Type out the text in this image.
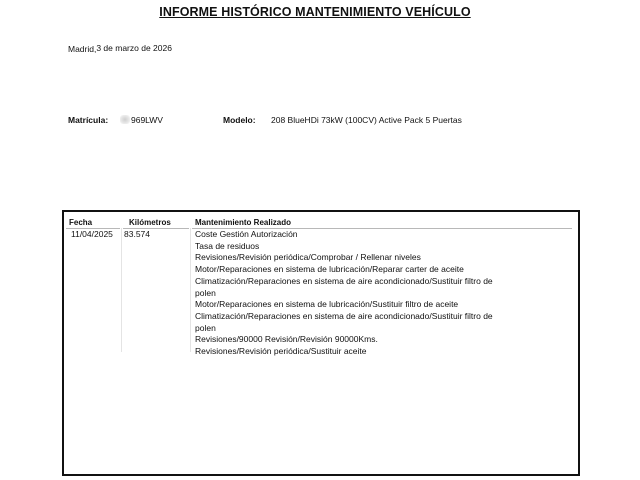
INFORME HISTÓRICO MANTENIMIENTO VEHÍCULO
Madrid,3 de marzo de 2026
Matrícula:	969LWV	Modelo: 208 BlueHDi 73kW (100CV) Active Pack 5 Puertas
Fecha	Kilómetros	Mantenimiento Realizado
11/04/2025 83.574	Coste Gestión Autorización
Tasa de residuos
Revisiones/Revisión periódica/Comprobar / Rellenar niveles
Motor/Reparaciones en sistema de lubricación/Reparar carter de aceite
Climatización/Reparaciones en sistema de aire acondicionado/Sustituir filtro de
polen
Motor/Reparaciones en sistema de lubricación/Sustituir filtro de aceite
Climatización/Reparaciones en sistema de aire acondicionado/Sustituir filtro de
polen
Revisiones/90000 Revisión/Revisión 90000Kms.
Revisiones/Revisión periódica/Sustituir aceite
